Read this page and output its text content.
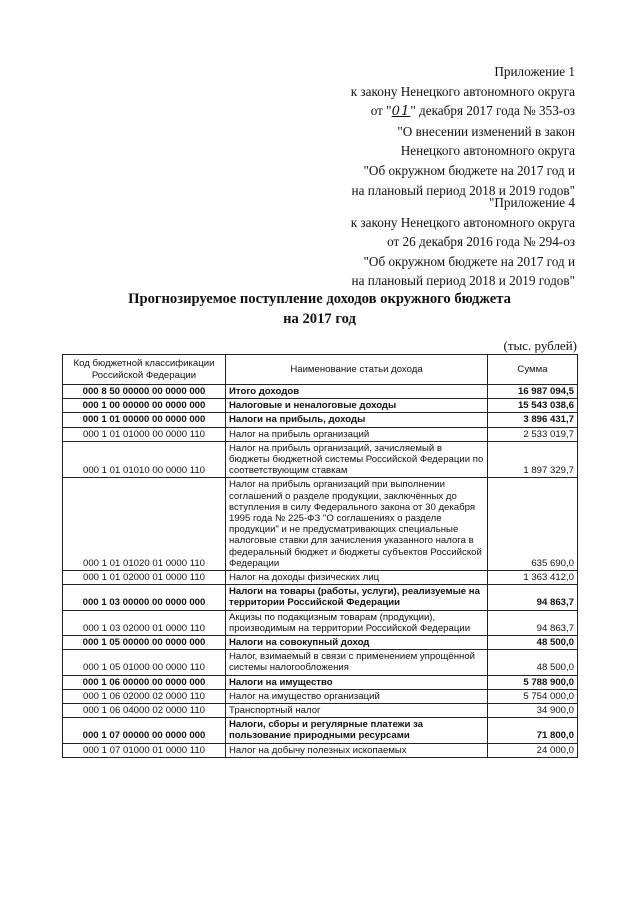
Приложение 1
к закону Ненецкого автономного округа
от "01" декабря 2017 года № 353-оз
"О внесении изменений в закон
Ненецкого автономного округа
"Об окружном бюджете на 2017 год и
на плановый период 2018 и 2019 годов"
"Приложение 4
к закону Ненецкого автономного округа
от 26 декабря 2016 года № 294-оз
"Об окружном бюджете на 2017 год и
на плановый период 2018 и 2019 годов"
Прогнозируемое поступление доходов окружного бюджета
на 2017 год
(тыс. рублей)
Код бюджетной классификации Российской Федерации	Наименование статьи дохода	Сумма
000 8 50 00000 00 0000 000	Итого доходов	16 987 094,5
000 1 00 00000 00 0000 000	Налоговые и неналоговые доходы	15 543 038,6
000 1 01 00000 00 0000 000	Налоги на прибыль, доходы	3 896 431,7
000 1 01 01000 00 0000 110	Налог на прибыль организаций	2 533 019,7
000 1 01 01010 00 0000 110	Налог на прибыль организаций, зачисляемый в бюджеты бюджетной системы Российской Федерации по соответствующим ставкам	1 897 329,7
000 1 01 01020 01 0000 110	Налог на прибыль организаций при выполнении соглашений о разделе продукции, заключённых до вступления в силу Федерального закона от 30 декабря 1995 года № 225-ФЗ "О соглашениях о разделе продукции" и не предусматривающих специальные налоговые ставки для зачисления указанного налога в федеральный бюджет и бюджеты субъектов Российской Федерации	635 690,0
000 1 01 02000 01 0000 110	Налог на доходы физических лиц	1 363 412,0
000 1 03 00000 00 0000 000	Налоги на товары (работы, услуги), реализуемые на территории Российской Федерации	94 863,7
000 1 03 02000 01 0000 110	Акцизы по подакцизным товарам (продукции), производимым на территории Российской Федерации	94 863,7
000 1 05 00000 00 0000 000	Налоги на совокупный доход	48 500,0
000 1 05 01000 00 0000 110	Налог, взимаемый в связи с применением упрощённой системы налогообложения	48 500,0
000 1 06 00000 00 0000 000	Налоги на имущество	5 788 900,0
000 1 06 02000 02 0000 110	Налог на имущество организаций	5 754 000,0
000 1 06 04000 02 0000 110	Транспортный налог	34 900,0
000 1 07 00000 00 0000 000	Налоги, сборы и регулярные платежи за пользование природными ресурсами	71 800,0
000 1 07 01000 01 0000 110	Налог на добычу полезных ископаемых	24 000,0
